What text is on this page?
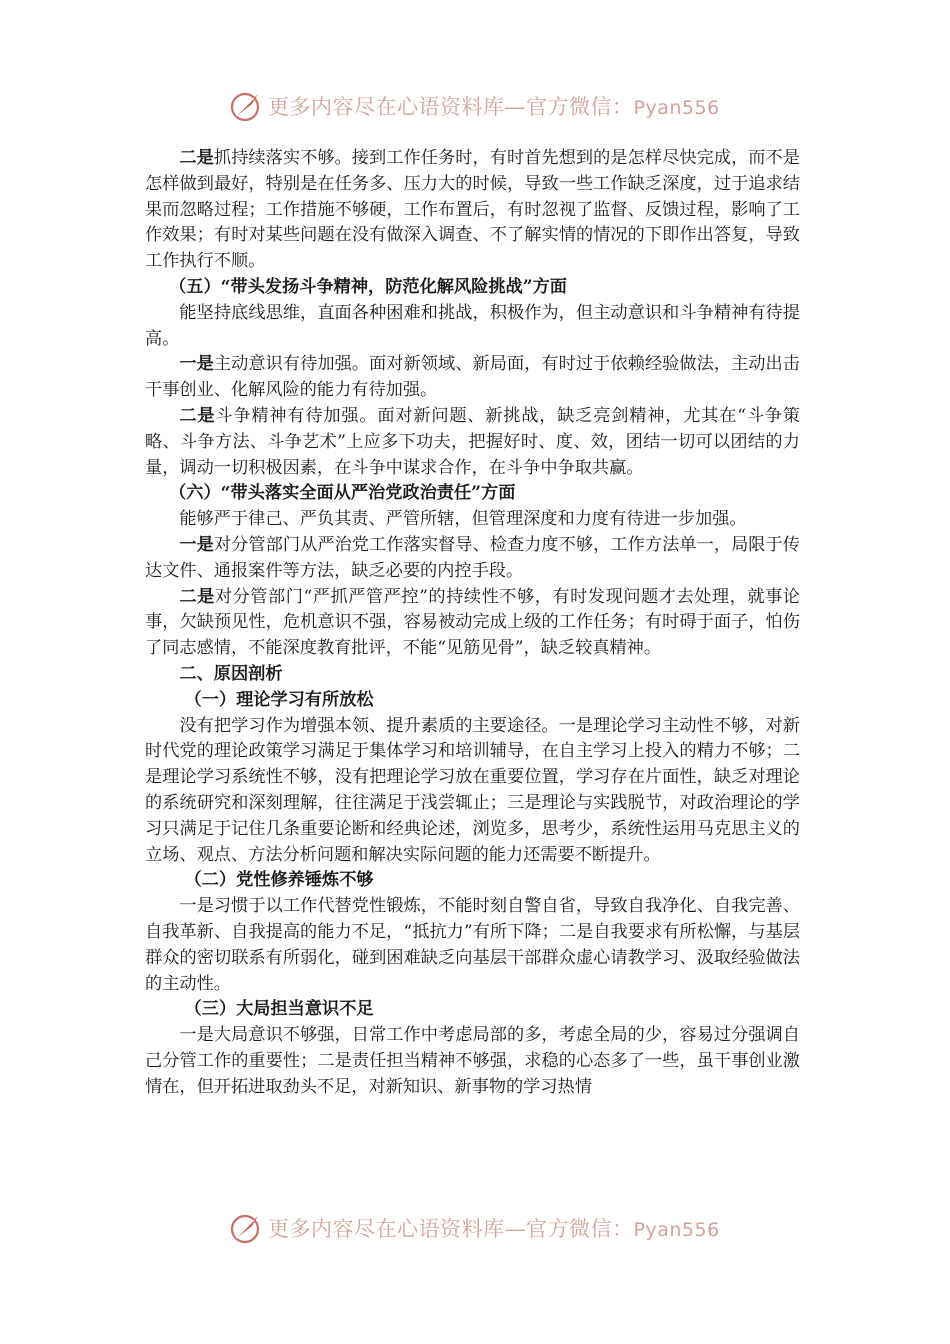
更多内容尽在心语资料库—官方微信：Pyan556

二是抓持续落实不够。接到工作任务时，有时首先想到的是怎样尽快完成，而不是怎样做到最好，特别是在任务多、压力大的时候，导致一些工作缺乏深度，过于追求结果而忽略过程；工作措施不够硬，工作布置后，有时忽视了监督、反馈过程，影响了工作效果；有时对某些问题在没有做深入调查、不了解实情的情况的下即作出答复，导致工作执行不顺。

（五）“带头发扬斗争精神，防范化解风险挑战”方面

能坚持底线思维，直面各种困难和挑战，积极作为，但主动意识和斗争精神有待提高。

一是主动意识有待加强。面对新领域、新局面，有时过于依赖经验做法，主动出击干事创业、化解风险的能力有待加强。

二是斗争精神有待加强。面对新问题、新挑战，缺乏亮剑精神，尤其在“斗争策略、斗争方法、斗争艺术”上应多下功夫，把握好时、度、效，团结一切可以团结的力量，调动一切积极因素，在斗争中谋求合作，在斗争中争取共赢。

（六）“带头落实全面从严治党政治责任”方面

能够严于律己、严负其责、严管所辖，但管理深度和力度有待进一步加强。

一是对分管部门从严治党工作落实督导、检查力度不够，工作方法单一，局限于传达文件、通报案件等方法，缺乏必要的内控手段。

二是对分管部门“严抓严管严控”的持续性不够，有时发现问题才去处理，就事论事，欠缺预见性，危机意识不强，容易被动完成上级的工作任务；有时碍于面子，怕伤了同志感情，不能深度教育批评，不能“见筋见骨”，缺乏较真精神。

二、原因剖析

（一）理论学习有所放松

没有把学习作为增强本领、提升素质的主要途径。一是理论学习主动性不够，对新时代党的理论政策学习满足于集体学习和培训辅导，在自主学习上投入的精力不够；二是理论学习系统性不够，没有把理论学习放在重要位置，学习存在片面性，缺乏对理论的系统研究和深刻理解，往往满足于浅尝辄止；三是理论与实践脱节，对政治理论的学习只满足于记住几条重要论断和经典论述，浏览多，思考少，系统性运用马克思主义的立场、观点、方法分析问题和解决实际问题的能力还需要不断提升。

（二）党性修养锤炼不够

一是习惯于以工作代替党性锻炼，不能时刻自警自省，导致自我净化、自我完善、自我革新、自我提高的能力不足，“抵抗力”有所下降；二是自我要求有所松懈，与基层群众的密切联系有所弱化，碰到困难缺乏向基层干部群众虚心请教学习、汲取经验做法的主动性。

（三）大局担当意识不足

一是大局意识不够强，日常工作中考虑局部的多，考虑全局的少，容易过分强调自己分管工作的重要性；二是责任担当精神不够强，求稳的心态多了一些，虽干事创业激情在，但开拓进取劲头不足，对新知识、新事物的学习热情

更多内容尽在心语资料库—官方微信：Pyan556
